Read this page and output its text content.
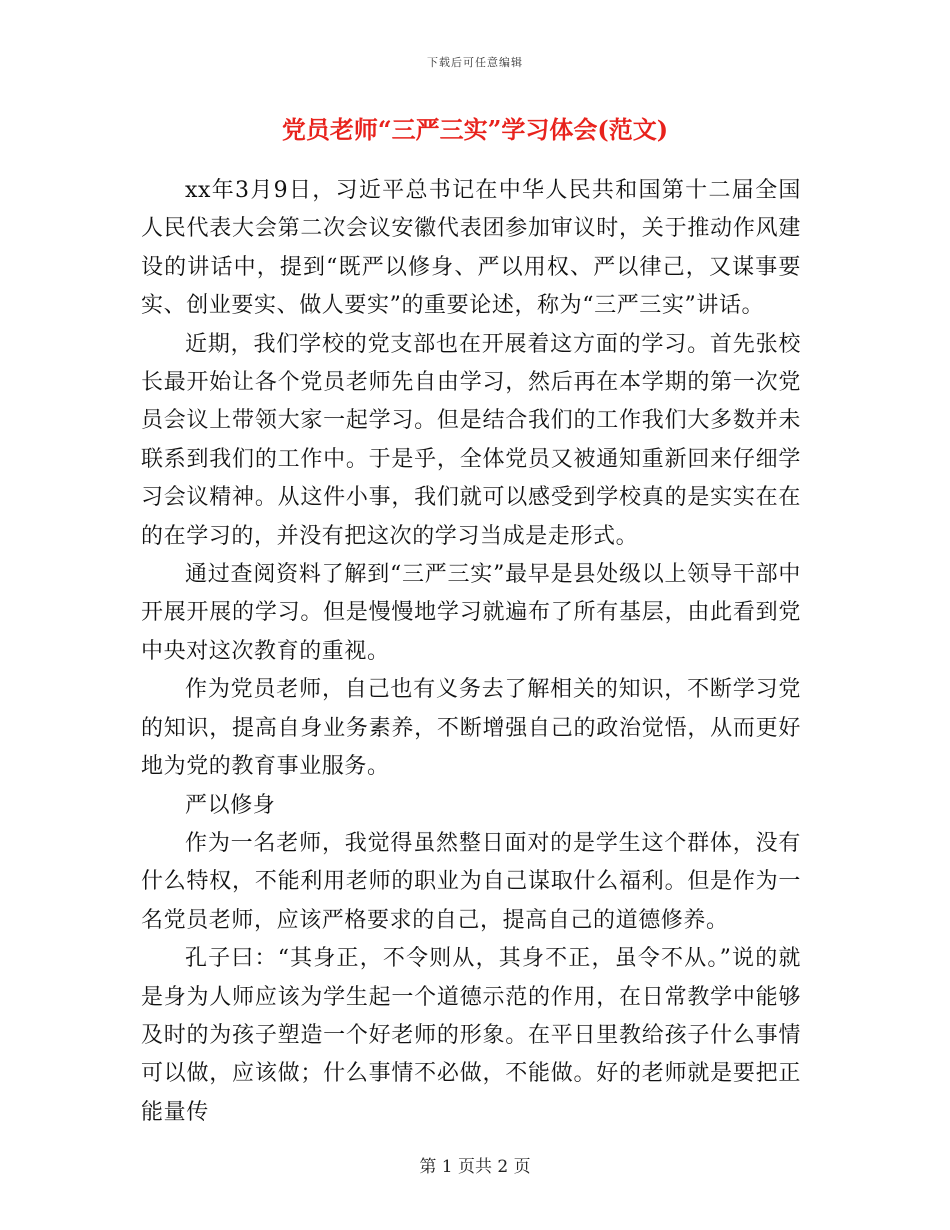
下载后可任意编辑
党员老师“三严三实”学习体会(范文)

xx年3月9日，习近平总书记在中华人民共和国第十二届全国人民代表大会第二次会议安徽代表团参加审议时，关于推动作风建设的讲话中，提到“既严以修身、严以用权、严以律己，又谋事要实、创业要实、做人要实”的重要论述，称为“三严三实”讲话。

近期，我们学校的党支部也在开展着这方面的学习。首先张校长最开始让各个党员老师先自由学习，然后再在本学期的第一次党员会议上带领大家一起学习。但是结合我们的工作我们大多数并未联系到我们的工作中。于是乎，全体党员又被通知重新回来仔细学习会议精神。从这件小事，我们就可以感受到学校真的是实实在在的在学习的，并没有把这次的学习当成是走形式。

通过查阅资料了解到“三严三实”最早是县处级以上领导干部中开展开展的学习。但是慢慢地学习就遍布了所有基层，由此看到党中央对这次教育的重视。

作为党员老师，自己也有义务去了解相关的知识，不断学习党的知识，提高自身业务素养，不断增强自己的政治觉悟，从而更好地为党的教育事业服务。

严以修身

作为一名老师，我觉得虽然整日面对的是学生这个群体，没有什么特权，不能利用老师的职业为自己谋取什么福利。但是作为一名党员老师，应该严格要求的自己，提高自己的道德修养。

孔子曰：“其身正，不令则从，其身不正，虽令不从。”说的就是身为人师应该为学生起一个道德示范的作用，在日常教学中能够及时的为孩子塑造一个好老师的形象。在平日里教给孩子什么事情可以做，应该做；什么事情不必做，不能做。好的老师就是要把正能量传

第 1 页共 2 页
